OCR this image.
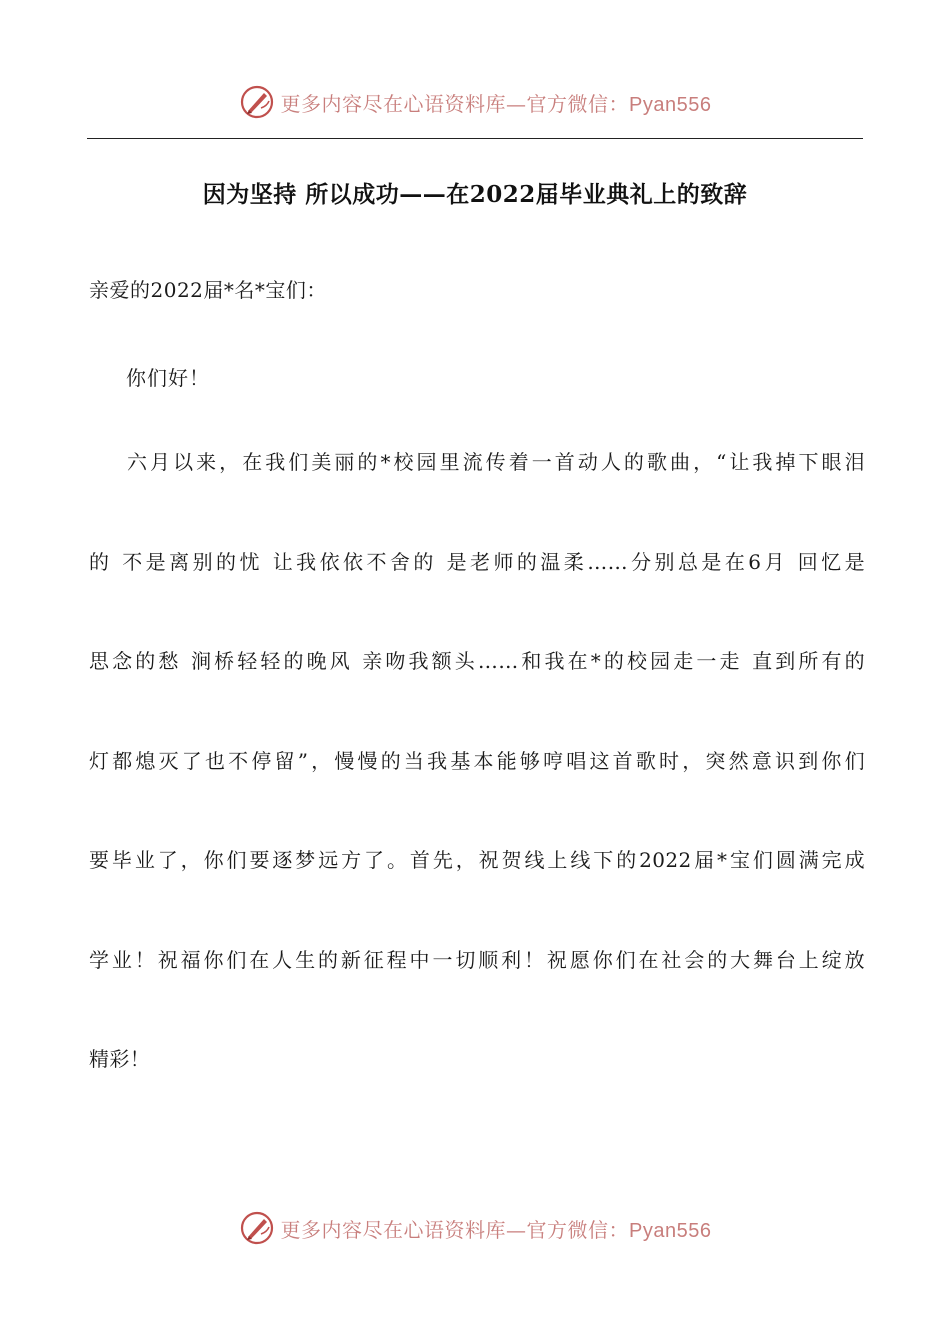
更多内容尽在心语资料库—官方微信：Pyan556
因为坚持 所以成功——在2022届毕业典礼上的致辞
亲爱的2022届*名*宝们：
你们好！
六月以来，在我们美丽的*校园里流传着一首动人的歌曲，“让我掉下眼泪
的 不是离别的忧 让我依依不舍的 是老师的温柔……分别总是在6月 回忆是
思念的愁 涧桥轻轻的晚风 亲吻我额头……和我在*的校园走一走 直到所有的
灯都熄灭了也不停留”，慢慢的当我基本能够哼唱这首歌时，突然意识到你们
要毕业了，你们要逐梦远方了。首先，祝贺线上线下的2022届*宝们圆满完成
学业！祝福你们在人生的新征程中一切顺利！祝愿你们在社会的大舞台上绽放
精彩！
更多内容尽在心语资料库—官方微信：Pyan556
